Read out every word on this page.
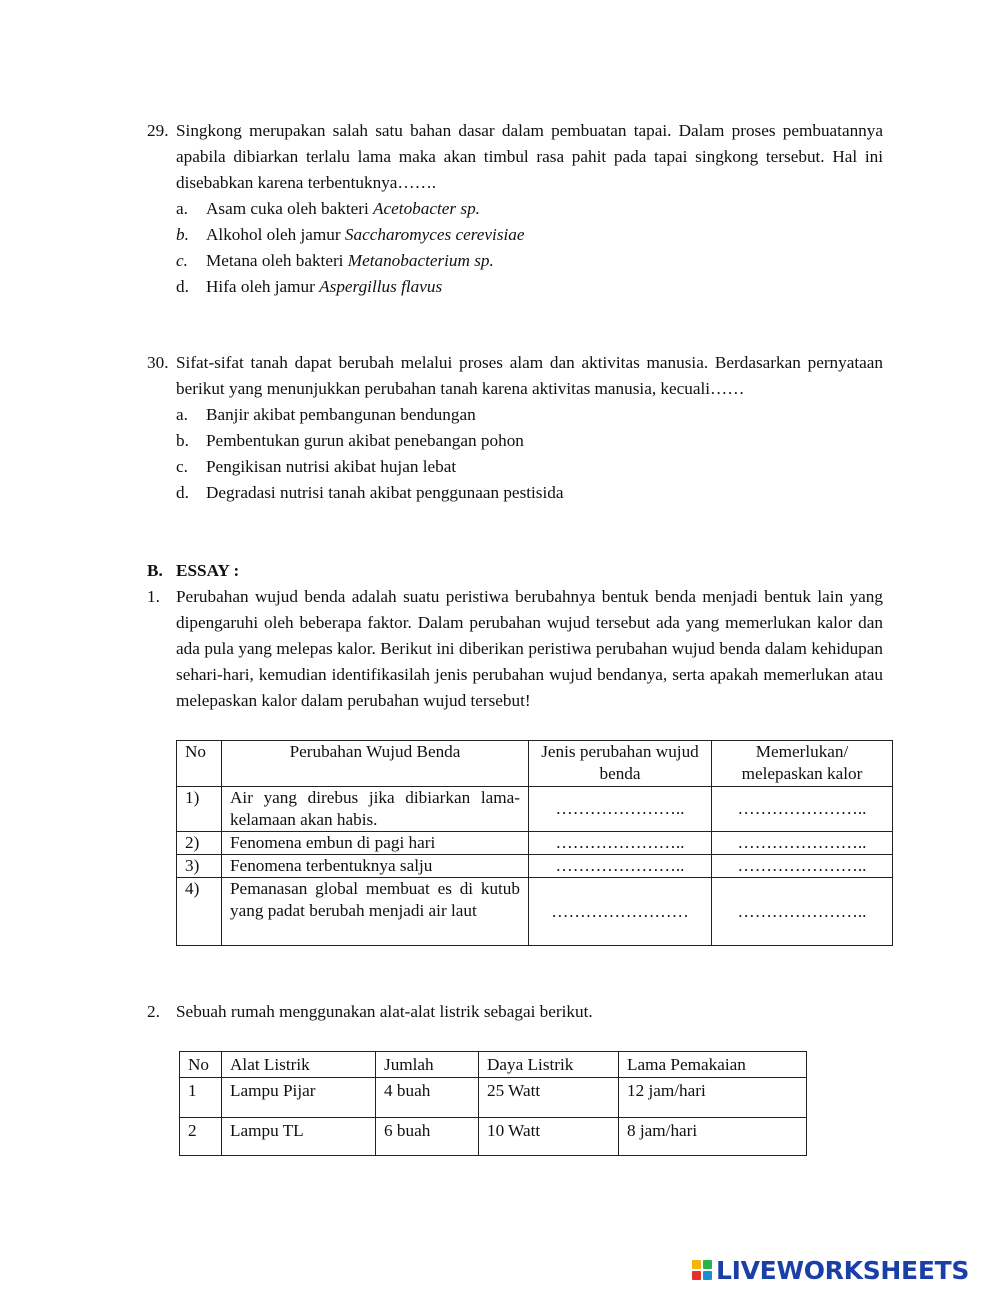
29. Singkong merupakan salah satu bahan dasar dalam pembuatan tapai. Dalam proses pembuatannya apabila dibiarkan terlalu lama maka akan timbul rasa pahit pada tapai singkong tersebut. Hal ini disebabkan karena terbentuknya…….
a. Asam cuka oleh bakteri Acetobacter sp.
b. Alkohol oleh jamur Saccharomyces cerevisiae
c. Metana oleh bakteri Metanobacterium sp.
d. Hifa oleh jamur Aspergillus flavus
30. Sifat-sifat tanah dapat berubah melalui proses alam dan aktivitas manusia. Berdasarkan pernyataan berikut yang menunjukkan perubahan tanah karena aktivitas manusia, kecuali……
a. Banjir akibat pembangunan bendungan
b. Pembentukan gurun akibat penebangan pohon
c. Pengikisan nutrisi akibat hujan lebat
d. Degradasi nutrisi tanah akibat penggunaan pestisida
B. ESSAY :
1. Perubahan wujud benda adalah suatu peristiwa berubahnya bentuk benda menjadi bentuk lain yang dipengaruhi oleh beberapa faktor. Dalam perubahan wujud tersebut ada yang memerlukan kalor dan ada pula yang melepas kalor. Berikut ini diberikan peristiwa perubahan wujud benda dalam kehidupan sehari-hari, kemudian identifikasilah jenis perubahan wujud bendanya, serta apakah memerlukan atau melepaskan kalor dalam perubahan wujud tersebut!
No	Perubahan Wujud Benda	Jenis perubahan wujud benda	Memerlukan/ melepaskan kalor
1)	Air yang direbus jika dibiarkan lama-kelamaan akan habis.	…………………..	…………………..
2)	Fenomena embun di pagi hari	…………………..	…………………..
3)	Fenomena terbentuknya salju	…………………..	…………………..
4)	Pemanasan global membuat es di kutub yang padat berubah menjadi air laut	……………………	…………………..
2. Sebuah rumah menggunakan alat-alat listrik sebagai berikut.
No	Alat Listrik	Jumlah	Daya Listrik	Lama Pemakaian
1	Lampu Pijar	4 buah	25 Watt	12 jam/hari
2	Lampu TL	6 buah	10 Watt	8 jam/hari
LIVEWORKSHEETS
